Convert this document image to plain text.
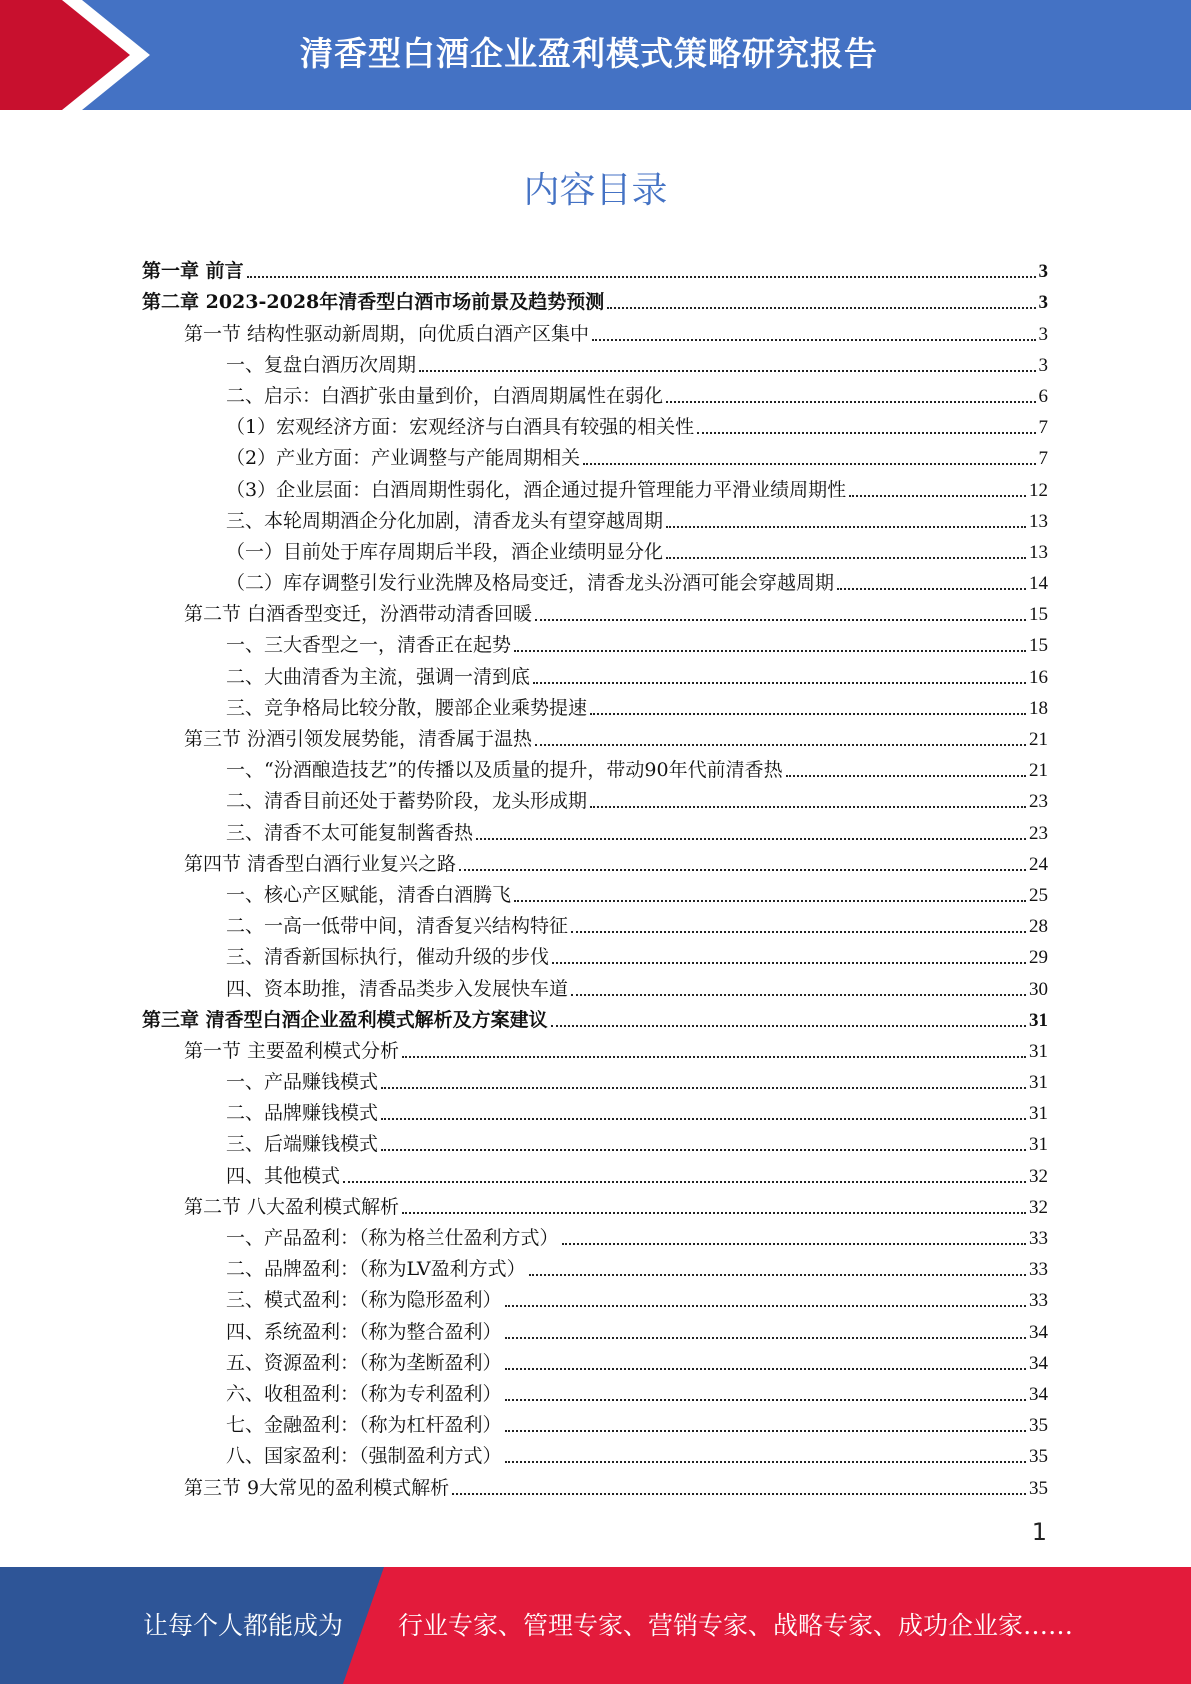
清香型白酒企业盈利模式策略研究报告
内容目录
第一章 前言	3
第二章 2023-2028年清香型白酒市场前景及趋势预测	3
第一节 结构性驱动新周期，向优质白酒产区集中	3
一、复盘白酒历次周期	3
二、启示：白酒扩张由量到价，白酒周期属性在弱化	6
（1）宏观经济方面：宏观经济与白酒具有较强的相关性	7
（2）产业方面：产业调整与产能周期相关	7
（3）企业层面：白酒周期性弱化，酒企通过提升管理能力平滑业绩周期性	12
三、本轮周期酒企分化加剧，清香龙头有望穿越周期	13
（一）目前处于库存周期后半段，酒企业绩明显分化	13
（二）库存调整引发行业洗牌及格局变迁，清香龙头汾酒可能会穿越周期	14
第二节 白酒香型变迁，汾酒带动清香回暖	15
一、三大香型之一，清香正在起势	15
二、大曲清香为主流，强调一清到底	16
三、竞争格局比较分散，腰部企业乘势提速	18
第三节 汾酒引领发展势能，清香属于温热	21
一、“汾酒酿造技艺”的传播以及质量的提升，带动90年代前清香热	21
二、清香目前还处于蓄势阶段，龙头形成期	23
三、清香不太可能复制酱香热	23
第四节 清香型白酒行业复兴之路	24
一、核心产区赋能，清香白酒腾飞	25
二、一高一低带中间，清香复兴结构特征	28
三、清香新国标执行，催动升级的步伐	29
四、资本助推，清香品类步入发展快车道	30
第三章 清香型白酒企业盈利模式解析及方案建议	31
第一节 主要盈利模式分析	31
一、产品赚钱模式	31
二、品牌赚钱模式	31
三、后端赚钱模式	31
四、其他模式	32
第二节 八大盈利模式解析	32
一、产品盈利：（称为格兰仕盈利方式）	33
二、品牌盈利：（称为LV盈利方式）	33
三、模式盈利：（称为隐形盈利）	33
四、系统盈利：（称为整合盈利）	34
五、资源盈利：（称为垄断盈利）	34
六、收租盈利：（称为专利盈利）	34
七、金融盈利：（称为杠杆盈利）	35
八、国家盈利：（强制盈利方式）	35
第三节 9大常见的盈利模式解析	35
1
让每个人都能成为 行业专家、管理专家、营销专家、战略专家、成功企业家……
